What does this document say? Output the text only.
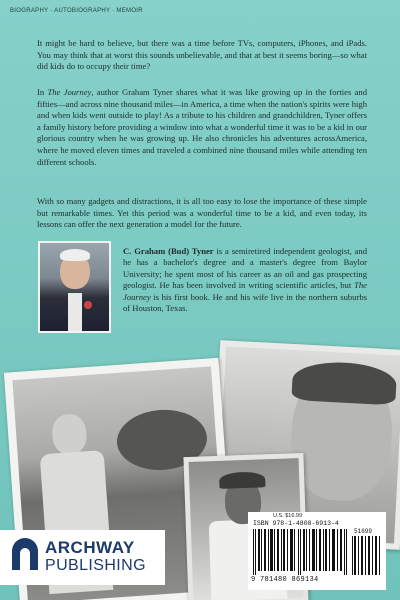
BIOGRAPHY · AUTOBIOGRAPHY · MEMOIR

It might be hard to believe, but there was a time before TVs, computers, iPhones, and iPads. You may think that at worst this sounds unbelievable, and that at best it seems boring—so what did kids do to occupy their time?

In The Journey, author Graham Tyner shares what it was like growing up in the forties and fifties—and across nine thousand miles—in America, a time when the nation's spirits were high and when kids went outside to play! As a tribute to his children and grandchildren, Tyner offers a family history before providing a window into what a wonderful time it was to be a kid in our glorious country when he was growing up. He also chronicles his adventures acrossAmerica, where he moved eleven times and traveled a combined nine thousand miles while attending ten different schools.

With so many gadgets and distractions, it is all too easy to lose the importance of these simple but remarkable times. Yet this period was a wonderful time to be a kid, and even today, its lessons can offer the next generation a model for the future.

C. Graham (Bud) Tyner is a semiretired independent geologist, and he has a bachelor's degree and a master's degree from Baylor University; he spent most of his career as an oil and gas prospecting geologist. He has been involved in writing scientific articles, but The Journey is his first book. He and his wife live in the northern suburbs of Houston, Texas.

ARCHWAY
PUBLISHING
U.S. $16.99
ISBN 978-1-4808-6913-4
51699
9 781480 869134
